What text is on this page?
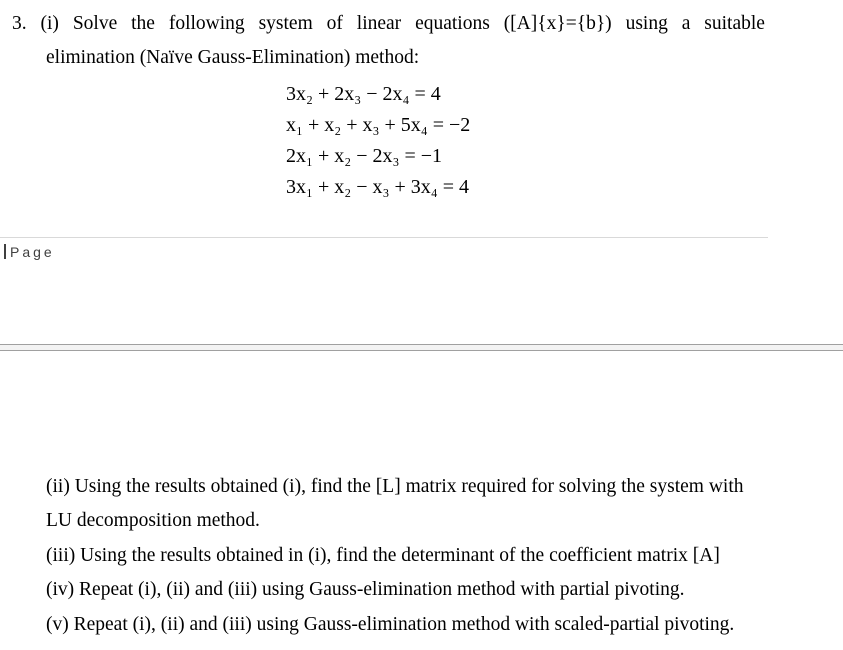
3. (i) Solve the following system of linear equations ([A]{x}={b}) using a suitable
elimination (Naïve Gauss-Elimination) method:
3x₂ + 2x₃ − 2x₄ = 4
x₁ + x₂ + x₃ + 5x₄ = −2
2x₁ + x₂ − 2x₃ = −1
3x₁ + x₂ − x₃ + 3x₄ = 4
Page
(ii) Using the results obtained (i), find the [L] matrix required for solving the system with
LU decomposition method.
(iii) Using the results obtained in (i), find the determinant of the coefficient matrix [A]
(iv) Repeat (i), (ii) and (iii) using Gauss-elimination method with partial pivoting.
(v) Repeat (i), (ii) and (iii) using Gauss-elimination method with scaled-partial pivoting.
